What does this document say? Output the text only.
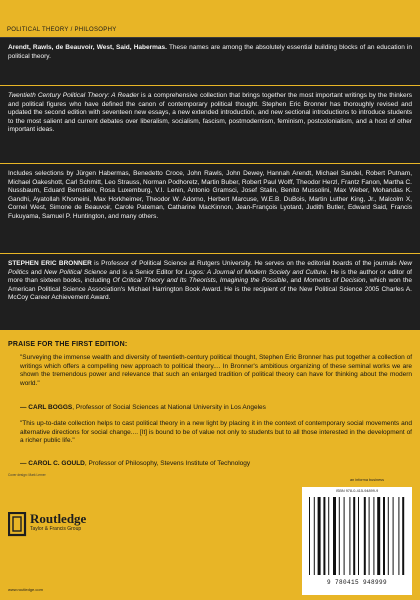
POLITICAL THEORY / PHILOSOPHY

Arendt, Rawls, de Beauvoir, West, Said, Habermas. These names are among the absolutely essential building blocks of an education in political theory.

Twentieth Century Political Theory: A Reader is a comprehensive collection that brings together the most important writings by the thinkers and political figures who have defined the canon of contemporary political thought. Stephen Eric Bronner has thoroughly revised and updated the second edition with seventeen new essays, a new extended introduction, and new sectional introductions to introduce students to the most salient and current debates over liberalism, socialism, fascism, postmodernism, feminism, postcolonialism, and a host of other important ideas.

Includes selections by Jürgen Habermas, Benedetto Croce, John Rawls, John Dewey, Hannah Arendt, Michael Sandel, Robert Putnam, Michael Oakeshott, Carl Schmitt, Leo Strauss, Norman Podhoretz, Martin Buber, Robert Paul Wolff, Theodor Herzl, Frantz Fanon, Martha C. Nussbaum, Eduard Bernstein, Rosa Luxemburg, V.I. Lenin, Antonio Gramsci, Josef Stalin, Benito Mussolini, Max Weber, Mohandas K. Gandhi, Ayatollah Khomeini, Max Horkheimer, Theodor W. Adorno, Herbert Marcuse, W.E.B. DuBois, Martin Luther King, Jr., Malcolm X, Cornel West, Simone de Beauvoir, Carole Pateman, Catharine MacKinnon, Jean-François Lyotard, Judith Butler, Edward Said, Francis Fukuyama, Samuel P. Huntington, and many others.

STEPHEN ERIC BRONNER is Professor of Political Science at Rutgers University. He serves on the editorial boards of the journals New Politics and New Political Science and is a Senior Editor for Logos: A Journal of Modern Society and Culture. He is the author or editor of more than sixteen books, including Of Critical Theory and Its Theorists, Imagining the Possible, and Moments of Decision, which won the American Political Science Association's Michael Harrington Book Award. He is the recipient of the New Political Science 2005 Charles A. McCoy Career Achievement Award.

PRAISE FOR THE FIRST EDITION:
"Surveying the immense wealth and diversity of twentieth-century political thought, Stephen Eric Bronner has put together a collection of writings which offers a compelling new approach to political theory.... In Bronner's ambitious organizing of these seminal works we are shown the tremendous power and relevance that such an enlarged tradition of political theory can have for thinking about the modern world."
— CARL BOGGS, Professor of Social Sciences at National University in Los Angeles
"This up-to-date collection helps to cast political theory in a new light by placing it in the context of contemporary social movements and alternative directions for social change.... [It] is bound to be of value not only to students but to all those interested in the development of a richer public life."
— CAROL C. GOULD, Professor of Philosophy, Stevens Institute of Technology
Cover design: Mark Lerner
Routledge
Taylor & Francis Group
www.routledge.com
an informa business
ISBN 978-0-415-94899-9
9 780415 948999
